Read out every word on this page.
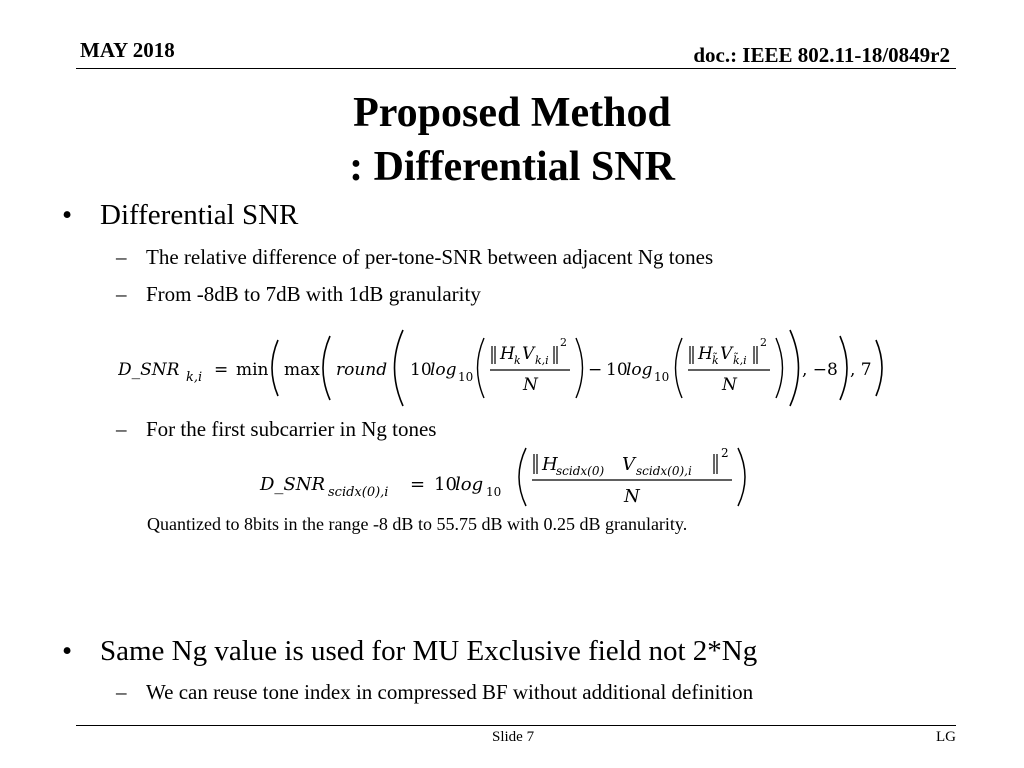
MAY 2018	doc.: IEEE 802.11-18/0849r2
Proposed Method
: Differential SNR
• Differential SNR
– The relative difference of per-tone-SNR between adjacent Ng tones
– From -8dB to 7dB with 1dB granularity
D_SNR k,i = min max round 10
log 10
H k V k,i
2
N
− 10
log 10
H k̃ V k̃,i
2
N
, −8 , 7
– For the first subcarrier in Ng tones
D_SNR scidx(0),i = 10
log 10
H
scidx(0) V scidx(0),i
2
N
Quantized to 8bits in the range -8 dB to 55.75 dB with 0.25 dB granularity.
• Same Ng value is used for MU Exclusive field not 2*Ng
– We can reuse tone index in compressed BF without additional definition
Slide 7	LG
